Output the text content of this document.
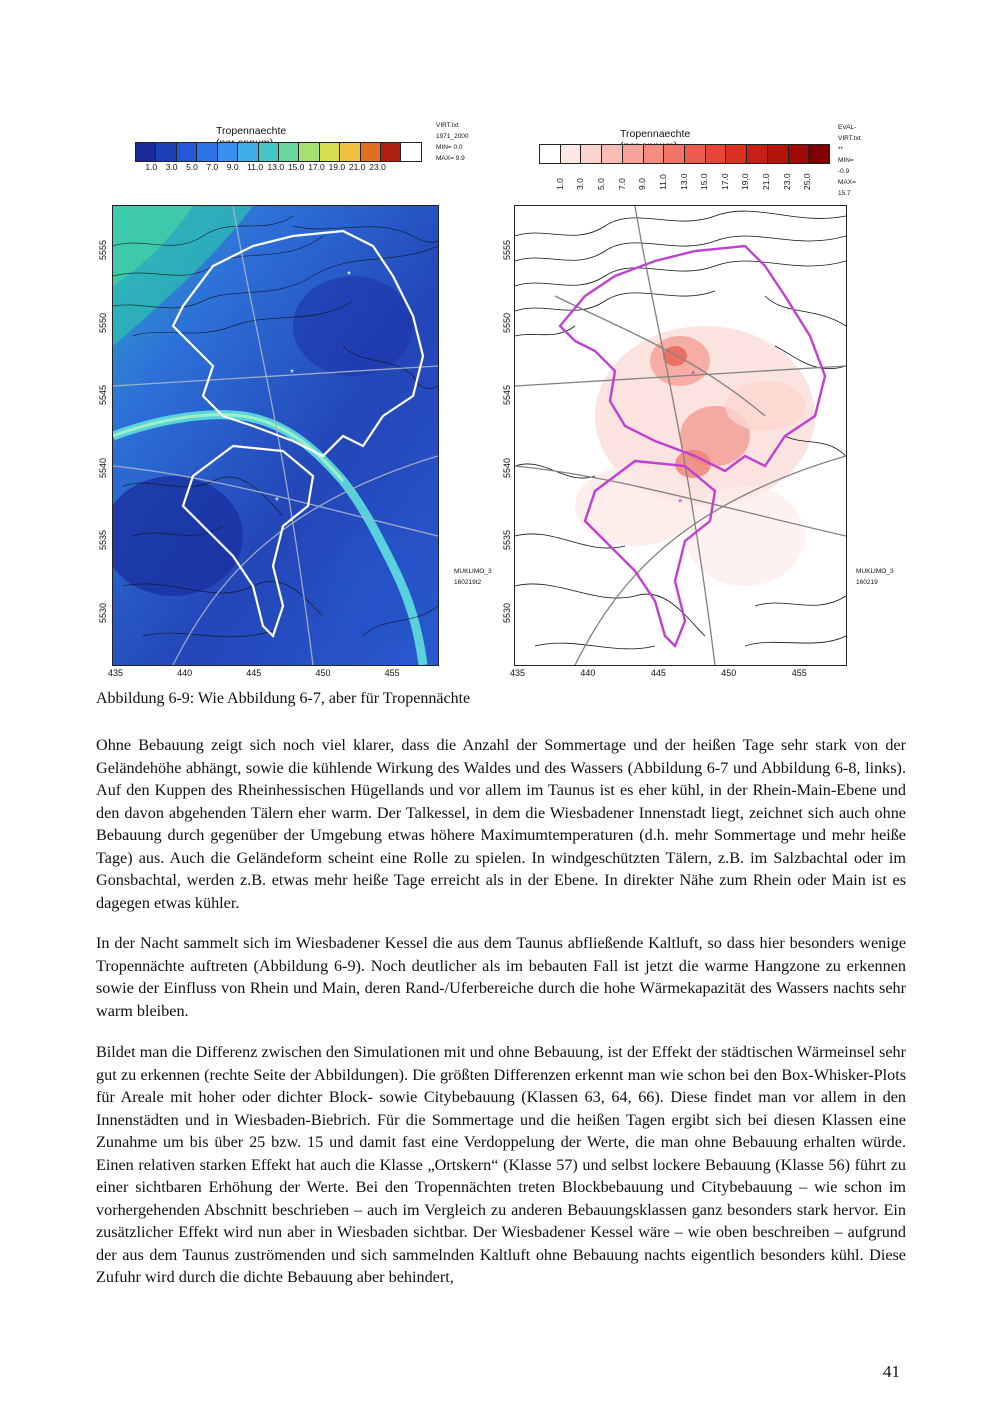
Tropennaechte
1.0 3.0 5.0 7.0 9.0 11.0 13.0 15.0 17.0 19.0 21.0 23.0
VIRT.txt
1971_2000
MIN= 0.0
MAX= 9.9
*
*
*
MUKLIMO_3
160219t2
5555
5550
5545
5540
5535
5530
435	440	445	450	455
Tropennaechte
1.0 3.0 5.0 7.0 9.0 11.0 13.0 15.0 17.0 19.0 21.0 23.0 25.0
EVAL-VIRT.txt
**
MIN= -0.9
MAX= 15.7
*
*
MUKLIMO_3
160219
5555
5550
5545
5540
5535
5530
435	440	445	450	455
Abbildung 6-9: Wie Abbildung 6-7, aber für Tropennächte

Ohne Bebauung zeigt sich noch viel klarer, dass die Anzahl der Sommertage und der heißen Tage sehr stark von der Geländehöhe abhängt, sowie die kühlende Wirkung des Waldes und des Wassers (Abbildung 6-7 und Abbildung 6-8, links). Auf den Kuppen des Rheinhessischen Hügellands und vor allem im Taunus ist es eher kühl, in der Rhein-Main-Ebene und den davon abgehenden Tälern eher warm. Der Talkessel, in dem die Wiesbadener Innenstadt liegt, zeichnet sich auch ohne Bebauung durch gegenüber der Umgebung etwas höhere Maximumtemperaturen (d.h. mehr Sommertage und mehr heiße Tage) aus. Auch die Geländeform scheint eine Rolle zu spielen. In windgeschützten Tälern, z.B. im Salzbachtal oder im Gonsbachtal, werden z.B. etwas mehr heiße Tage erreicht als in der Ebene. In direkter Nähe zum Rhein oder Main ist es dagegen etwas kühler.

In der Nacht sammelt sich im Wiesbadener Kessel die aus dem Taunus abfließende Kaltluft, so dass hier besonders wenige Tropennächte auftreten (Abbildung 6-9). Noch deutlicher als im bebauten Fall ist jetzt die warme Hangzone zu erkennen sowie der Einfluss von Rhein und Main, deren Rand-/Uferbereiche durch die hohe Wärmekapazität des Wassers nachts sehr warm bleiben.

Bildet man die Differenz zwischen den Simulationen mit und ohne Bebauung, ist der Effekt der städtischen Wärmeinsel sehr gut zu erkennen (rechte Seite der Abbildungen). Die größten Differenzen erkennt man wie schon bei den Box-Whisker-Plots für Areale mit hoher oder dichter Block- sowie Citybebauung (Klassen 63, 64, 66). Diese findet man vor allem in den Innenstädten und in Wiesbaden-Biebrich. Für die Sommertage und die heißen Tagen ergibt sich bei diesen Klassen eine Zunahme um bis über 25 bzw. 15 und damit fast eine Verdoppelung der Werte, die man ohne Bebauung erhalten würde. Einen relativen starken Effekt hat auch die Klasse „Ortskern“ (Klasse 57) und selbst lockere Bebauung (Klasse 56) führt zu einer sichtbaren Erhöhung der Werte. Bei den Tropennächten treten Blockbebauung und Citybebauung – wie schon im vorhergehenden Abschnitt beschrieben – auch im Vergleich zu anderen Bebauungsklassen ganz besonders stark hervor. Ein zusätzlicher Effekt wird nun aber in Wiesbaden sichtbar. Der Wiesbadener Kessel wäre – wie oben beschreiben – aufgrund der aus dem Taunus zuströmenden und sich sammelnden Kaltluft ohne Bebauung nachts eigentlich besonders kühl. Diese Zufuhr wird durch die dichte Bebauung aber behindert,

41
